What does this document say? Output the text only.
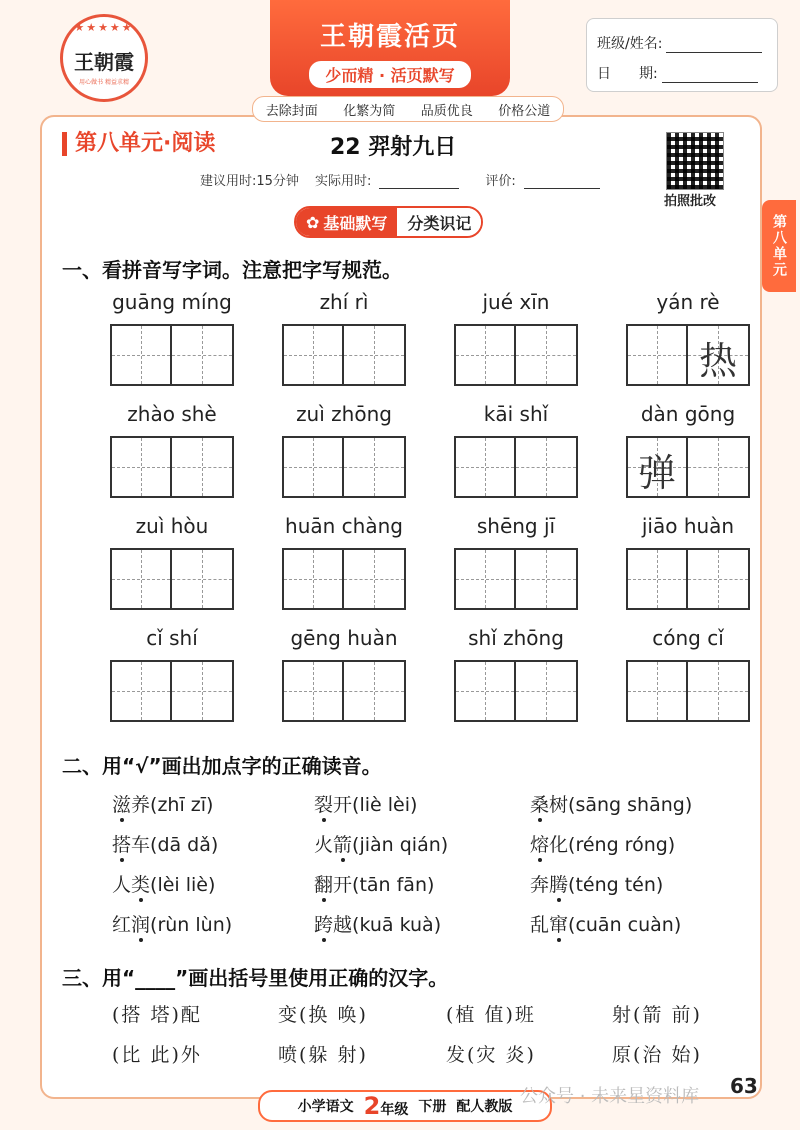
★★★★★
王朝霞
用心做书 精益求精
王朝霞活页
少而精 · 活页默写
去除封面 化繁为简 品质优良 价格公道
班级/姓名:
日　　期:
第八单元·阅读	22 羿射九日
建议用时:15分钟 实际用时:	评价:
拍照批改
第八单元
✿ 基础默写	分类识记
一、看拼音写字词。注意把字写规范。
guāng míng	zhí rì	jué xīn	yán rè
热
zhào shè	zuì zhōng	kāi shǐ	dàn gōng
弹
zuì hòu	huān chàng	shēng jī	jiāo huàn
cǐ shí	gēng huàn	shǐ zhōng	cóng cǐ
二、用“√”画出加点字的正确读音。
滋养(zhī zī)	裂开(liè lèi)	桑树(sāng shāng)
搭车(dā dǎ)	火箭(jiàn qián)	熔化(réng róng)
人类(lèi liè)	翻开(tān fān)	奔腾(téng tén)
红润(rùn lùn)	跨越(kuā kuà)	乱窜(cuān cuàn)
三、用“____”画出括号里使用正确的汉字。
(搭 塔)配	变(换 唤)	(植 值)班	射(箭 前)
(比 此)外	喷(躲 射)	发(灾 炎)	原(治 始)
小学语文 2年级 下册 配人教版 公众号 · 未来星资料库 63
